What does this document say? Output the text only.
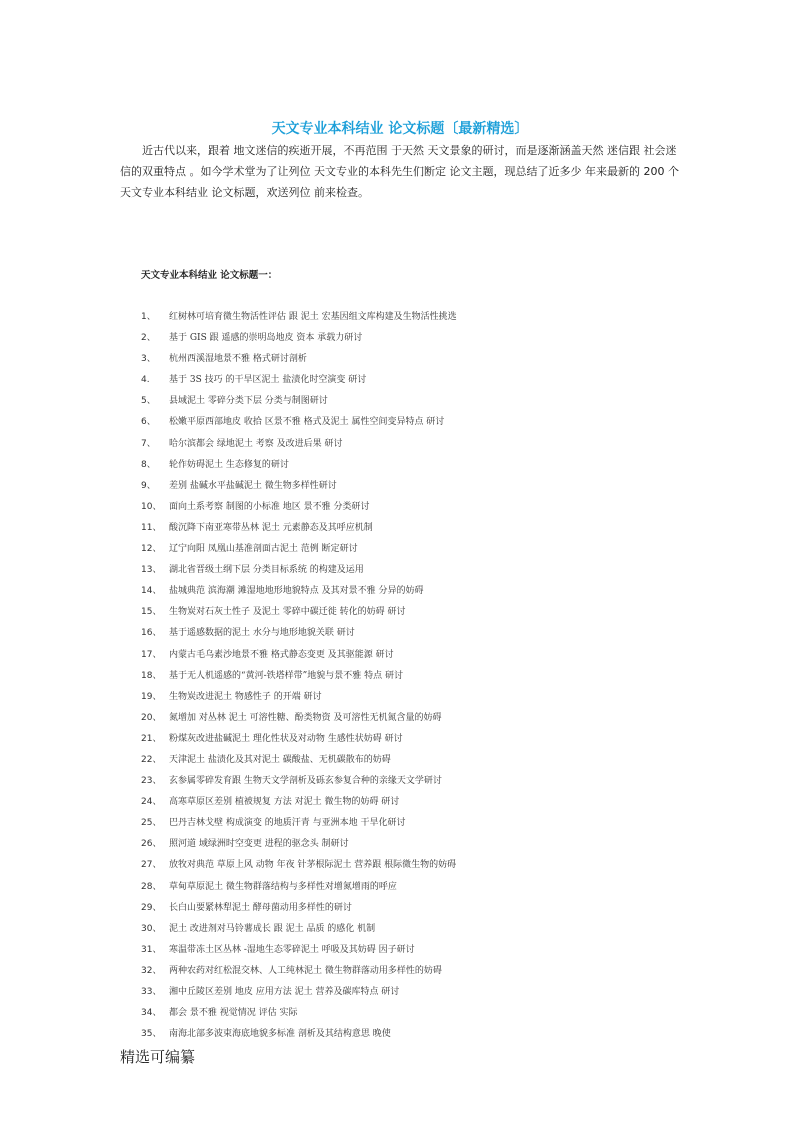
天文专业本科结业 论文标题〔最新精选〕
近古代以来，跟着 地文迷信的疾逝开展，不再范围 于天然 天文景象的研讨，而是逐渐涵盖天然 迷信跟 社会迷信的双重特点 。如今学术堂为了让列位 天文专业的本科先生们断定 论文主题，现总结了近多少 年来最新的 200 个天文专业本科结业 论文标题，欢送列位 前来检查。
天文专业本科结业 论文标题一：
1、 红树林可培育微生物活性评估 跟 泥土 宏基因组文库构建及生物活性挑选
2、 基于 GIS 跟 遥感的崇明岛地皮 资本 承载力研讨
3、 杭州西溪湿地景不雅 格式研讨剖析
4. 基于 3S 技巧 的干旱区泥土 盐渍化时空演变 研讨
5、 县域泥土 零碎分类下层 分类与制图研讨
6、 松嫩平原西部地皮 收拾 区景不雅 格式及泥土 属性空间变异特点 研讨
7、 哈尔滨都会 绿地泥土 考察 及改进后果 研讨
8、 轮作妨碍泥土 生态修复的研讨
9、 差别 盐碱水平盐碱泥土 微生物多样性研讨
10、 面向土系考察 制图的小标准 地区 景不雅 分类研讨
11、 酸沉降下南亚寒带丛林 泥土 元素静态及其呼应机制
12、 辽宁向阳 凤凰山基准剖面古泥土 范例 断定研讨
13、 湖北省晋级土纲下层 分类目标系统 的构建及运用
14、 盐城典范 滨海潮 滩湿地地形地貌特点 及其对景不雅 分异的妨碍
15、 生物炭对石灰土性子 及泥土 零碎中碳迁徙 转化的妨碍 研讨
16、 基于遥感数据的泥土 水分与地形地貌关联 研讨
17、 内蒙古毛乌素沙地景不雅 格式静态变更 及其驱能源 研讨
18、 基于无人机遥感的“黄河-铁塔样带”地貌与景不雅 特点 研讨
19、 生物炭改进泥土 物感性子 的开端 研讨
20、 氮增加 对丛林 泥土 可溶性糖、酚类物资 及可溶性无机氮含量的妨碍
21、 粉煤灰改进盐碱泥土 理化性状及对动物 生感性状妨碍 研讨
22、 天津泥土 盐渍化及其对泥土 碳酸盐、无机碳散布的妨碍
23、 玄参属零碎发育跟 生物天文学剖析及砾玄参复合种的亲缘天文学研讨
24、 高寒草原区差别 植被规复 方法 对泥土 微生物的妨碍 研讨
25、 巴丹吉林戈壁 构成演变 的地质汗青 与亚洲本地 干旱化研讨
26、 照河道 域绿洲时空变更 进程的驱念头 制研讨
27、 放牧对典范 草原上风 动物 年夜 针茅根际泥土 营养跟 根际微生物的妨碍
28、 草甸草原泥土 微生物群落结构与多样性对增氮增雨的呼应
29、 长白山要紧林犁泥土 酵母菌动用多样性的研讨
30、 泥土 改进剂对马铃薯成长 跟 泥土 品质 的感化 机制
31、 寒温带冻土区丛林 -湿地生态零碎泥土 呼吸及其妨碍 因子研讨
32、 两种农药对红松混交林、人工纯林泥土 微生物群落动用多样性的妨碍
33、 湘中丘陵区差别 地皮 应用方法 泥土 营养及碳库特点 研讨
34、 都会 景不雅 视觉情况 评估 实际
35、 南海北部多波束海底地貌多标准 剖析及其结构意思 晚使
精选可编纂
